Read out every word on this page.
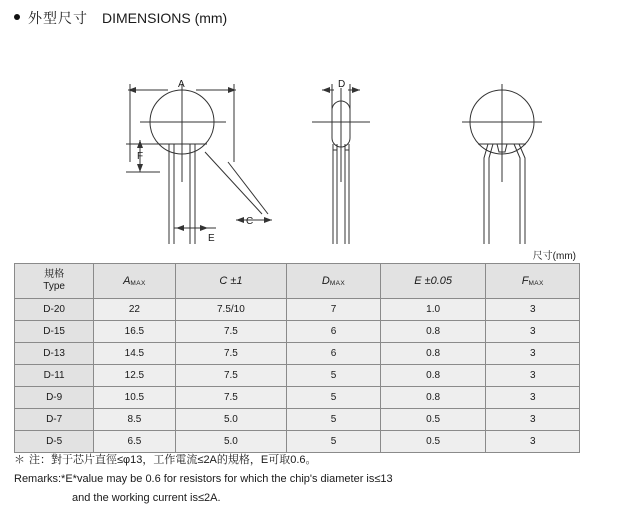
外型尺寸 DIMENSIONS (mm)
A
C
E
F
D
尺寸(mm)
規格
Type	AMAX	C ±1	DMAX	E ±0.05	FMAX
D-20	22	7.5/10	7	1.0	3
D-15	16.5	7.5	6	0.8	3
D-13	14.5	7.5	6	0.8	3
D-11	12.5	7.5	5	0.8	3
D-9	10.5	7.5	5	0.8	3
D-7	8.5	5.0	5	0.5	3
D-5	6.5	5.0	5	0.5	3
＊ 注：對于芯片直徑≤φ13，工作電流≤2A的規格，E可取0.6。
Remarks:*E*value may be 0.6 for resistors for which the chip's diameter is≤13
and the working current is≤2A.
